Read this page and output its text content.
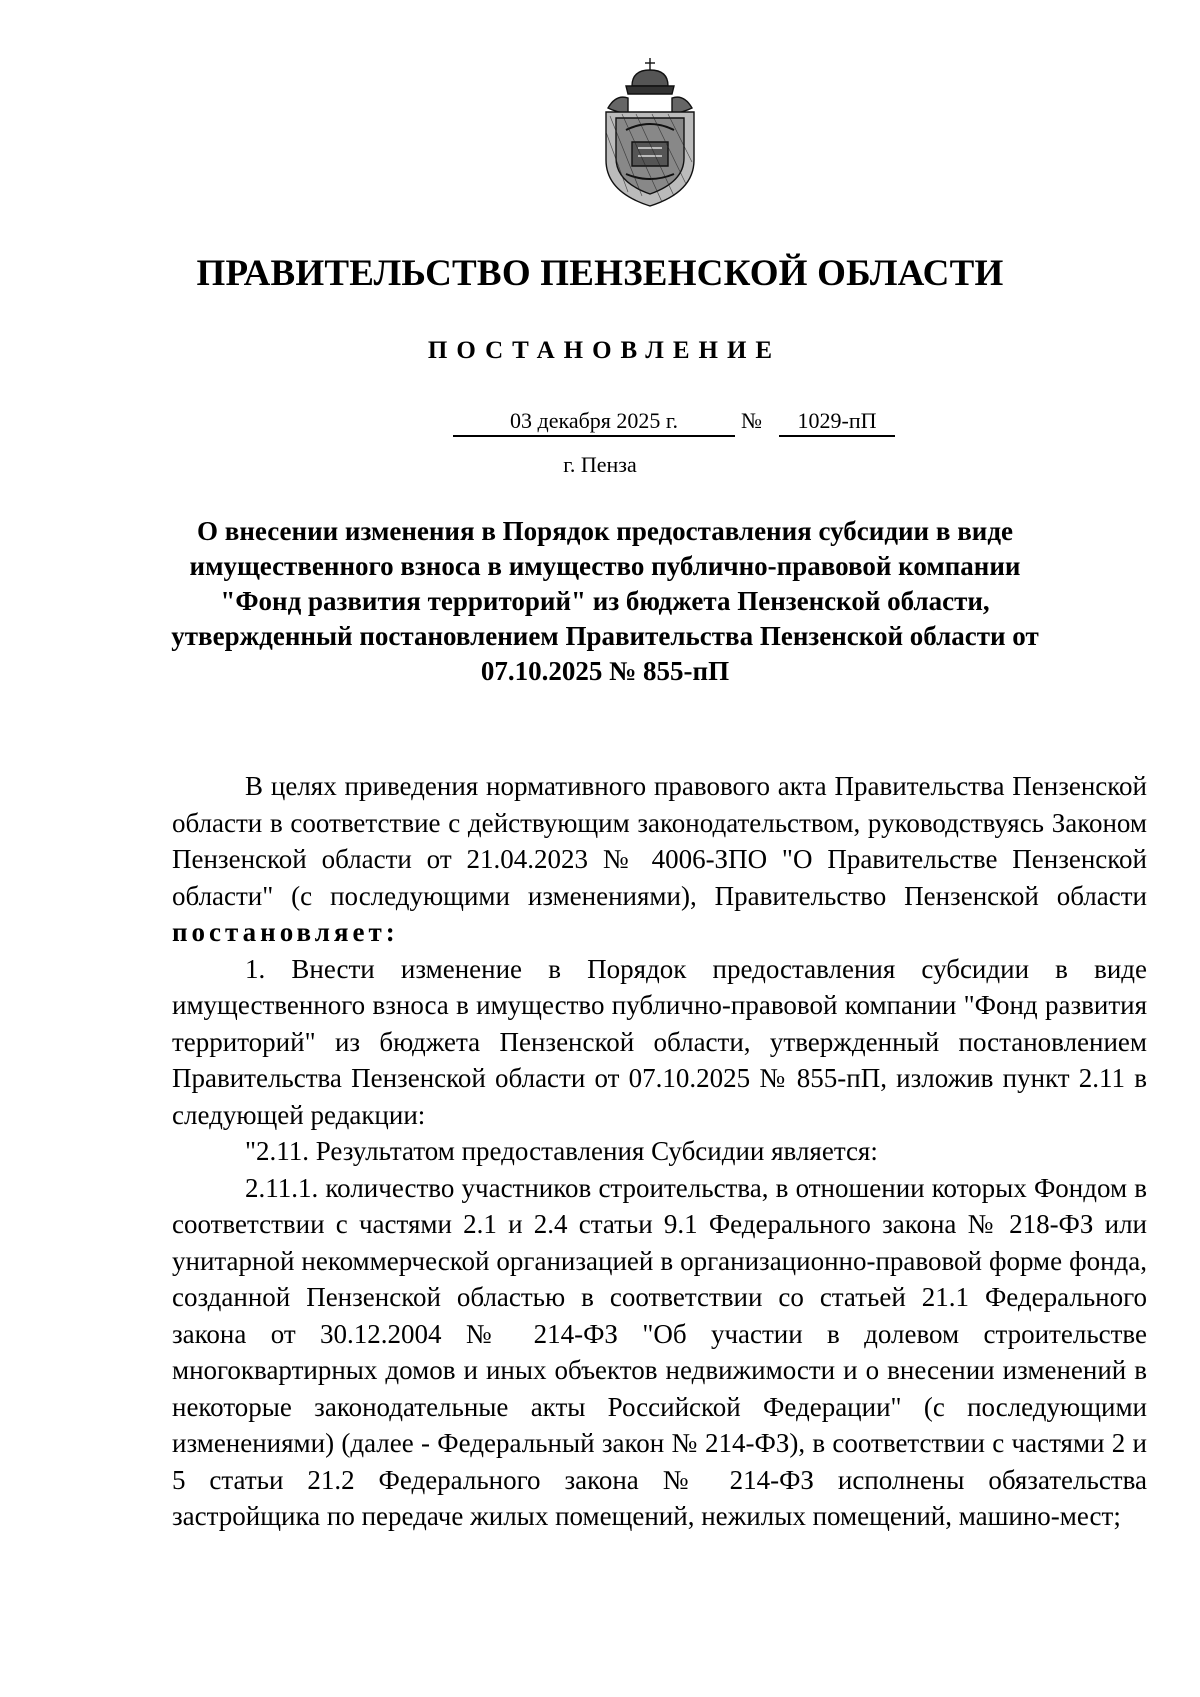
ПРАВИТЕЛЬСТВО ПЕНЗЕНСКОЙ ОБЛАСТИ
ПОСТАНОВЛЕНИЕ
03 декабря 2025 г.	№	1029-пП
г. Пенза
О внесении изменения в Порядок предоставления субсидии в виде имущественного взноса в имущество публично-правовой компании "Фонд развития территорий" из бюджета Пензенской области, утвержденный постановлением Правительства Пензенской области от 07.10.2025 № 855-пП

В целях приведения нормативного правового акта Правительства Пензенской области в соответствие с действующим законодательством, руководствуясь Законом Пензенской области от 21.04.2023 № 4006-ЗПО "О Правительстве Пензенской области" (с последующими изменениями), Правительство Пензенской области постановляет:

1. Внести изменение в Порядок предоставления субсидии в виде имущественного взноса в имущество публично-правовой компании "Фонд развития территорий" из бюджета Пензенской области, утвержденный постановлением Правительства Пензенской области от 07.10.2025 № 855-пП, изложив пункт 2.11 в следующей редакции:

"2.11. Результатом предоставления Субсидии является:

2.11.1. количество участников строительства, в отношении которых Фондом в соответствии с частями 2.1 и 2.4 статьи 9.1 Федерального закона № 218-ФЗ или унитарной некоммерческой организацией в организационно-правовой форме фонда, созданной Пензенской областью в соответствии со статьей 21.1 Федерального закона от 30.12.2004 № 214-ФЗ "Об участии в долевом строительстве многоквартирных домов и иных объектов недвижимости и о внесении изменений в некоторые законодательные акты Российской Федерации" (с последующими изменениями) (далее - Федеральный закон № 214-ФЗ), в соответствии с частями 2 и 5 статьи 21.2 Федерального закона № 214-ФЗ исполнены обязательства застройщика по передаче жилых помещений, нежилых помещений, машино-мест;
